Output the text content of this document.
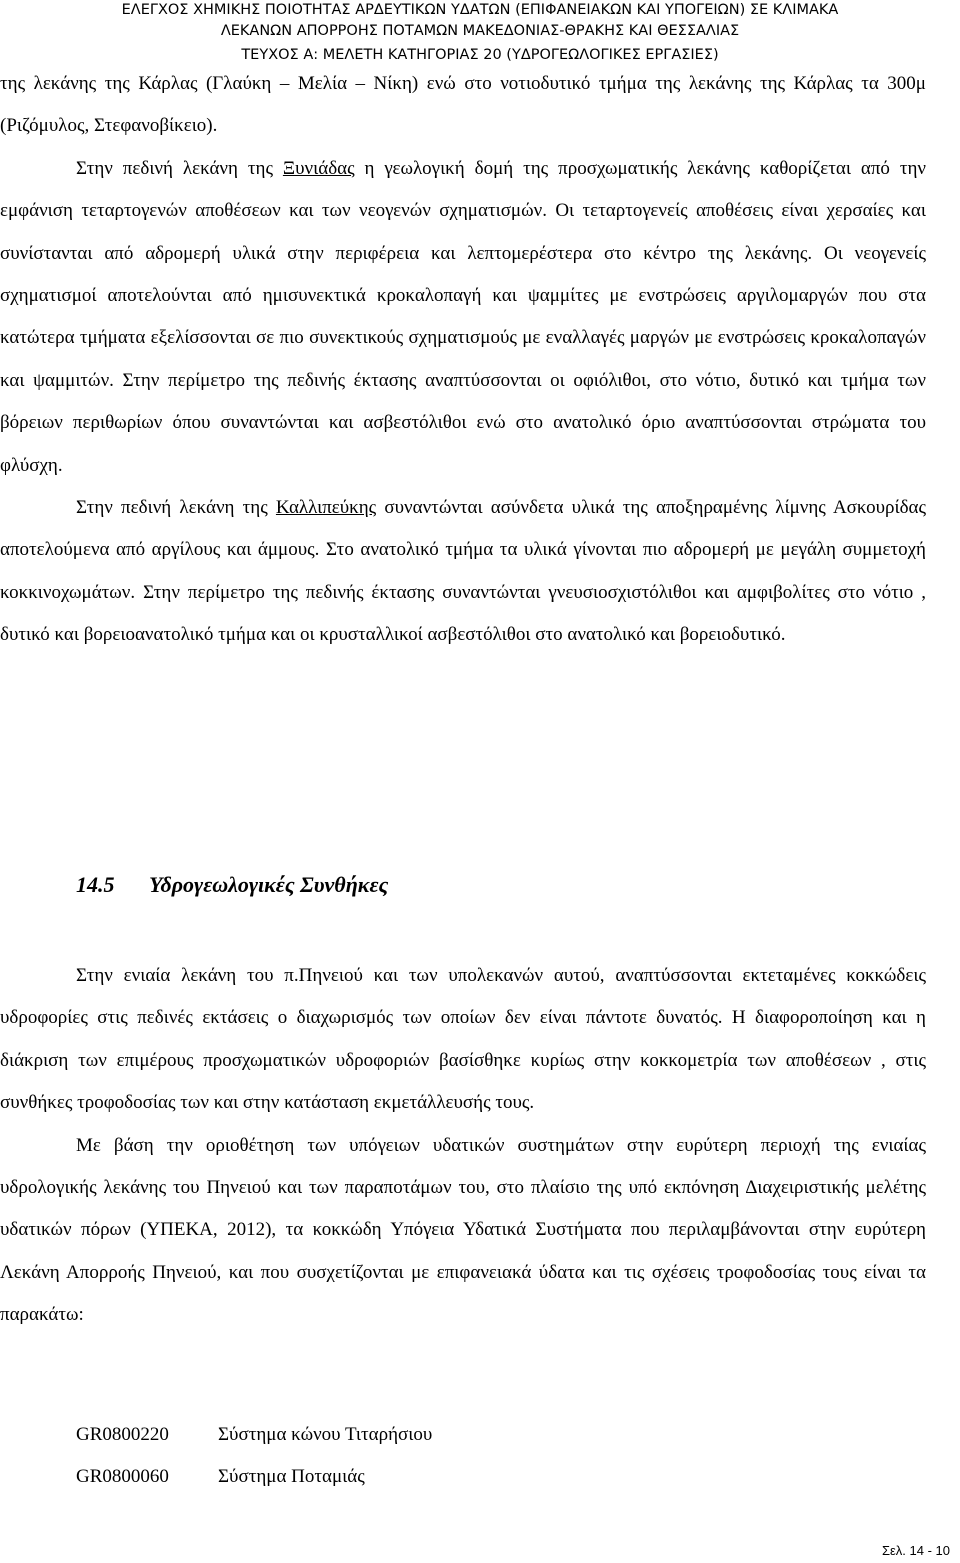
ΕΛΕΓΧΟΣ ΧΗΜΙΚΗΣ ΠΟΙΟΤΗΤΑΣ ΑΡΔΕΥΤΙΚΩΝ ΥΔΑΤΩΝ (ΕΠΙΦΑΝΕΙΑΚΩΝ ΚΑΙ ΥΠΟΓΕΙΩΝ) ΣΕ ΚΛΙΜΑΚΑ
ΛΕΚΑΝΩΝ ΑΠΟΡΡΟΗΣ ΠΟΤΑΜΩΝ ΜΑΚΕΔΟΝΙΑΣ-ΘΡΑΚΗΣ ΚΑΙ ΘΕΣΣΑΛΙΑΣ
ΤΕΥΧΟΣ Α: ΜΕΛΕΤΗ ΚΑΤΗΓΟΡΙΑΣ 20 (ΥΔΡΟΓΕΩΛΟΓΙΚΕΣ ΕΡΓΑΣΙΕΣ)

της λεκάνης της Κάρλας (Γλαύκη – Μελία – Νίκη) ενώ στο νοτιοδυτικό τμήμα της λεκάνης της Κάρλας τα 300μ (Ριζόμυλος, Στεφανοβίκειο).

Στην πεδινή λεκάνη της Ξυνιάδας η γεωλογική δομή της προσχωματικής λεκάνης καθορίζεται από την εμφάνιση τεταρτογενών αποθέσεων και των νεογενών σχηματισμών. Οι τεταρτογενείς αποθέσεις είναι χερσαίες και συνίστανται από αδρομερή υλικά στην περιφέρεια και λεπτομερέστερα στο κέντρο της λεκάνης. Οι νεογενείς σχηματισμοί αποτελούνται από ημισυνεκτικά κροκαλοπαγή και ψαμμίτες με ενστρώσεις αργιλομαργών που στα κατώτερα τμήματα εξελίσσονται σε πιο συνεκτικούς σχηματισμούς με εναλλαγές μαργών με ενστρώσεις κροκαλοπαγών και ψαμμιτών. Στην περίμετρο της πεδινής έκτασης αναπτύσσονται οι οφιόλιθοι, στο νότιο, δυτικό και τμήμα των βόρειων περιθωρίων όπου συναντώνται και ασβεστόλιθοι ενώ στο ανατολικό όριο αναπτύσσονται στρώματα του φλύσχη.

Στην πεδινή λεκάνη της Καλλιπεύκης συναντώνται ασύνδετα υλικά της αποξηραμένης λίμνης Ασκουρίδας αποτελούμενα από αργίλους και άμμους. Στο ανατολικό τμήμα τα υλικά γίνονται πιο αδρομερή με μεγάλη συμμετοχή κοκκινοχωμάτων. Στην περίμετρο της πεδινής έκτασης συναντώνται γνευσιοσχιστόλιθοι και αμφιβολίτες στο νότιο , δυτικό και βορειοανατολικό τμήμα και οι κρυσταλλικοί ασβεστόλιθοι στο ανατολικό και βορειοδυτικό.

14.5 Υδρογεωλογικές Συνθήκες

Στην ενιαία λεκάνη του π.Πηνειού και των υπολεκανών αυτού, αναπτύσσονται εκτεταμένες κοκκώδεις υδροφορίες στις πεδινές εκτάσεις ο διαχωρισμός των οποίων δεν είναι πάντοτε δυνατός. Η διαφοροποίηση και η διάκριση των επιμέρους προσχωματικών υδροφοριών βασίσθηκε κυρίως στην κοκκομετρία των αποθέσεων , στις συνθήκες τροφοδοσίας των και στην κατάσταση εκμετάλλευσής τους.

Με βάση την οριοθέτηση των υπόγειων υδατικών συστημάτων στην ευρύτερη περιοχή της ενιαίας υδρολογικής λεκάνης του Πηνειού και των παραποτάμων του, στο πλαίσιο της υπό εκπόνηση Διαχειριστικής μελέτης υδατικών πόρων (ΥΠΕΚΑ, 2012), τα κοκκώδη Υπόγεια Υδατικά Συστήματα που περιλαμβάνονται στην ευρύτερη Λεκάνη Απορροής Πηνειού, και που συσχετίζονται με επιφανειακά ύδατα και τις σχέσεις τροφοδοσίας τους είναι τα παρακάτω:

GR0800220	Σύστημα κώνου Τιταρήσιου
GR0800060	Σύστημα Ποταμιάς
Σελ. 14 - 10
